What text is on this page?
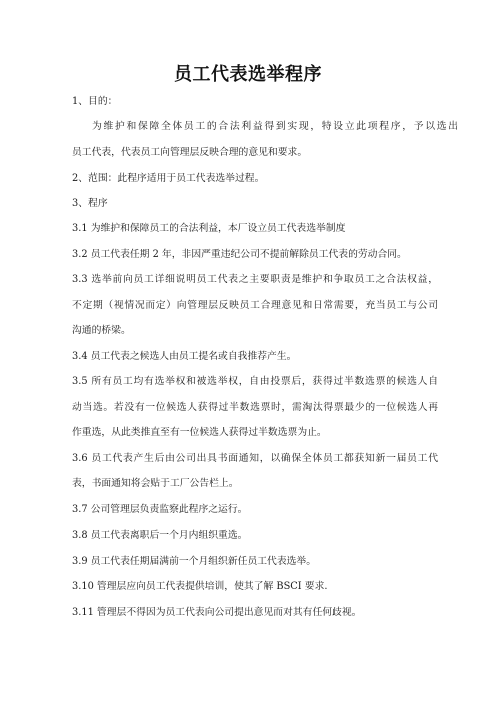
员工代表选举程序
1、目的：
为维护和保障全体员工的合法利益得到实现，特设立此项程序，予以选出
员工代表，代表员工向管理层反映合理的意见和要求。
2、范围：此程序适用于员工代表选举过程。
3、程序
3.1 为维护和保障员工的合法利益，本厂设立员工代表选举制度
3.2 员工代表任期 2 年，非因严重违纪公司不提前解除员工代表的劳动合同。
3.3 选举前向员工详细说明员工代表之主要职责是维护和争取员工之合法权益，
不定期（视情况而定）向管理层反映员工合理意见和日常需要，充当员工与公司
沟通的桥梁。
3.4 员工代表之候选人由员工提名或自我推荐产生。
3.5 所有员工均有选举权和被选举权，自由投票后，获得过半数选票的候选人自
动当选。若没有一位候选人获得过半数选票时，需淘汰得票最少的一位候选人再
作重选，从此类推直至有一位候选人获得过半数选票为止。
3.6 员工代表产生后由公司出具书面通知，以确保全体员工都获知新一届员工代
表，书面通知将会贴于工厂公告栏上。
3.7 公司管理层负责监察此程序之运行。
3.8 员工代表离职后一个月内组织重选。
3.9 员工代表任期届满前一个月组织新任员工代表选举。
3.10 管理层应向员工代表提供培训，使其了解 BSCI 要求.
3.11 管理层不得因为员工代表向公司提出意见而对其有任何歧视。
